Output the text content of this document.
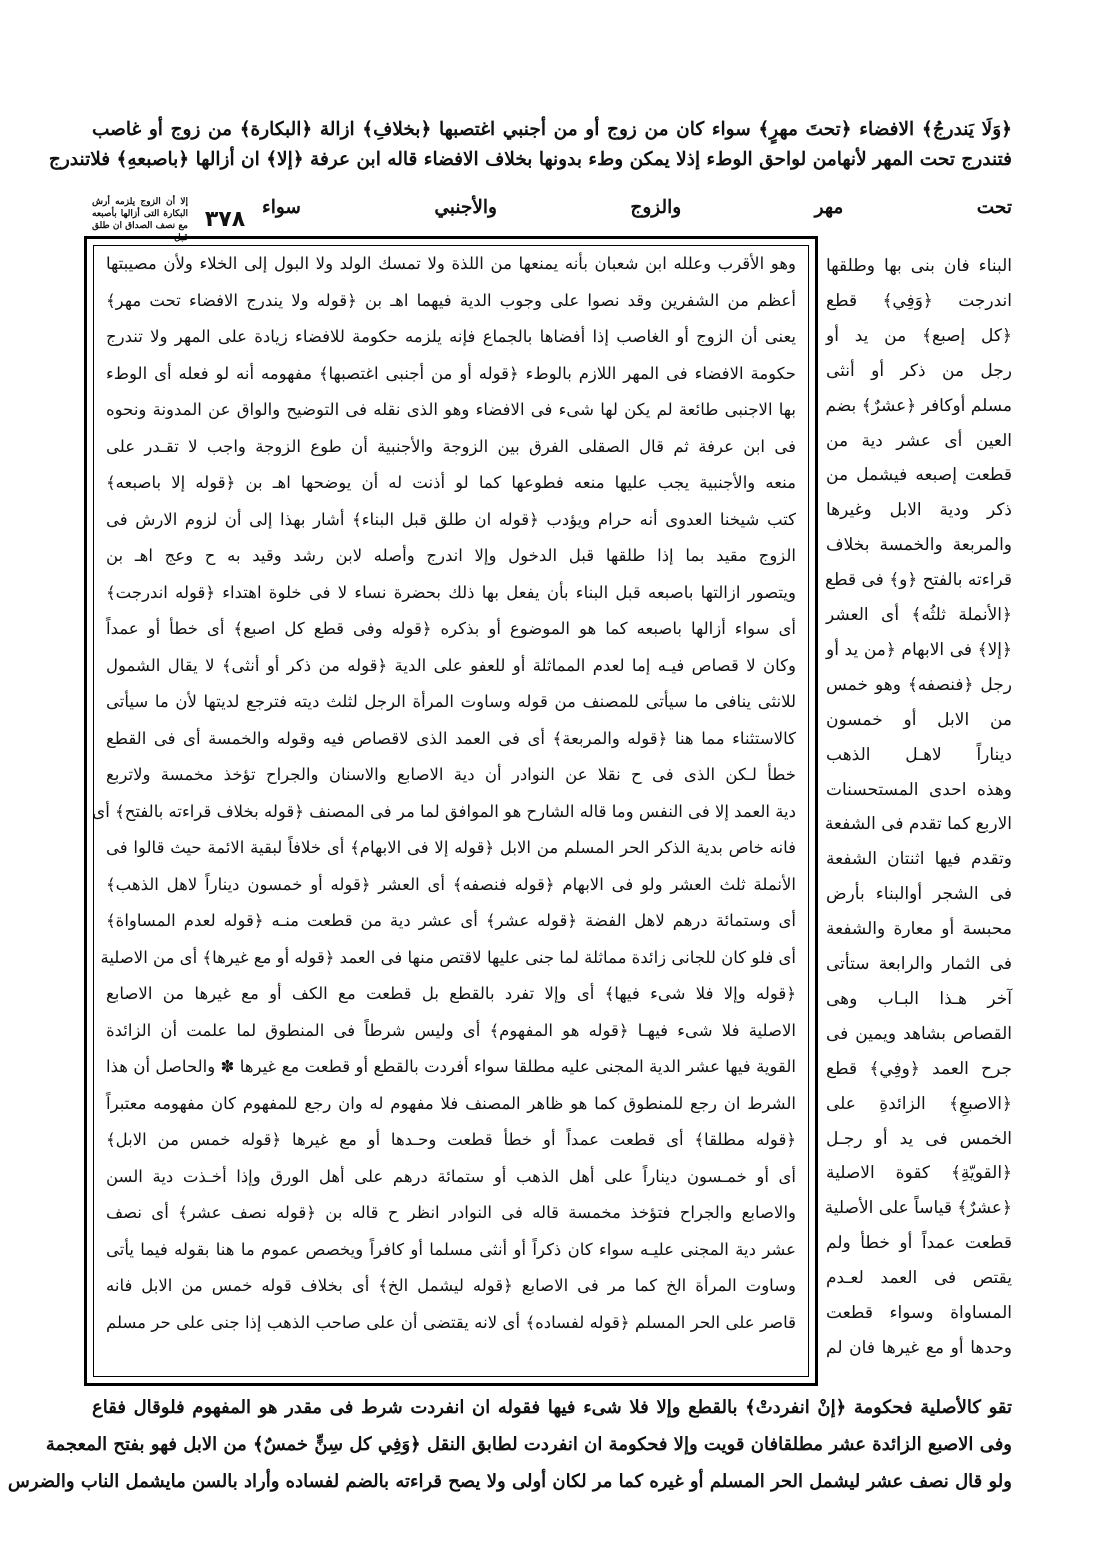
﴿وَلَا يَندرجُ﴾ الافضاء ﴿تحتَ مهرٍ﴾ سواء كان من زوج أو من أجنبي اغتصبها ﴿بخلافِ﴾ ازالة ﴿البكارة﴾ من زوج أو غاصب
فتندرج تحت المهر لأنهامن لواحق الوطء إذلا يمكن وطء بدونها بخلاف الافضاء قاله ابن عرفة ﴿إلا﴾ ان أزالها ﴿باصبعهِ﴾ فلاتندرج
إلا أن الزوج يلزمه أرش البكارة التى أزالها بأصبعه مع نصف الصداق ان طلق قبل
تحت مهر والزوج والأجنبي سواء
٣٧٨
وهو الأقرب وعلله ابن شعبان بأنه يمنعها من اللذة ولا تمسك الولد ولا البول إلى الخلاء ولأن مصيبتها
أعظم من الشفرين وقد نصوا على وجوب الدية فيهما اهـ بن ﴿قوله ولا يندرج الافضاء تحت مهر﴾
يعنى أن الزوج أو الغاصب إذا أفضاها بالجماع فإنه يلزمه حكومة للافضاء زيادة على المهر ولا تندرج
حكومة الافضاء فى المهر اللازم بالوطء ﴿قوله أو من أجنبى اغتصبها﴾ مفهومه أنه لو فعله أى الوطء
بها الاجنبى طائعة لم يكن لها شىء فى الافضاء وهو الذى نقله فى التوضيح والواق عن المدونة ونحوه
فى ابن عرفة ثم قال الصقلى الفرق بين الزوجة والأجنبية أن طوع الزوجة واجب لا تقـدر على
منعه والأجنبية يجب عليها منعه فطوعها كما لو أذنت له أن يوضحها اهـ بن ﴿قوله إلا باصبعه﴾
كتب شيخنا العدوى أنه حرام ويؤدب ﴿قوله ان طلق قبل البناء﴾ أشار بهذا إلى أن لزوم الارش فى
الزوج مقيد بما إذا طلقها قبل الدخول وإلا اندرج وأصله لابن رشد وقيد به ح وعج اهـ بن
ويتصور ازالتها باصبعه قبل البناء بأن يفعل بها ذلك بحضرة نساء لا فى خلوة اهتداء ﴿قوله اندرجت﴾
أى سواء أزالها باصبعه كما هو الموضوع أو بذكره ﴿قوله وفى قطع كل اصبع﴾ أى خطأ أو عمداً
وكان لا قصاص فيـه إما لعدم المماثلة أو للعفو على الدية ﴿قوله من ذكر أو أنثى﴾ لا يقال الشمول
للانثى ينافى ما سيأتى للمصنف من قوله وساوت المرأة الرجل لثلث ديته فترجع لديتها لأن ما سيأتى
كالاستثناء مما هنا ﴿قوله والمربعة﴾ أى فى العمد الذى لاقصاص فيه وقوله والخمسة أى فى القطع
خطأ لـكن الذى فى ح نقلا عن النوادر أن دية الاصابع والاسنان والجراح تؤخذ مخمسة ولاتربع
دية العمد إلا فى النفس وما قاله الشارح هو الموافق لما مر فى المصنف ﴿قوله بخلاف قراءته بالفتح﴾ أى
فانه خاص بدية الذكر الحر المسلم من الابل ﴿قوله إلا فى الابهام﴾ أى خلافاً لبقية الائمة حيث قالوا فى
الأنملة ثلث العشر ولو فى الابهام ﴿قوله فنصفه﴾ أى العشر ﴿قوله أو خمسون ديناراً لاهل الذهب﴾
أى وستمائة درهم لاهل الفضة ﴿قوله عشر﴾ أى عشر دية من قطعت منـه ﴿قوله لعدم المساواة﴾
أى فلو كان للجانى زائدة مماثلة لما جنى عليها لاقتص منها فى العمد ﴿قوله أو مع غيرها﴾ أى من الاصلية
﴿قوله وإلا فلا شىء فيها﴾ أى وإلا تفرد بالقطع بل قطعت مع الكف أو مع غيرها من الاصابع
الاصلية فلا شىء فيهـا ﴿قوله هو المفهوم﴾ أى وليس شرطاً فى المنطوق لما علمت أن الزائدة
القوية فيها عشر الدية المجنى عليه مطلقا سواء أفردت بالقطع أو قطعت مع غيرها ✽ والحاصل أن هذا
الشرط ان رجع للمنطوق كما هو ظاهر المصنف فلا مفهوم له وان رجع للمفهوم كان مفهومه معتبراً
﴿قوله مطلقا﴾ أى قطعت عمداً أو خطأ قطعت وحـدها أو مع غيرها ﴿قوله خمس من الابل﴾
أى أو خمـسون ديناراً على أهل الذهب أو ستمائة درهم على أهل الورق وإذا أخـذت دية السن
والاصابع والجراح فتؤخذ مخمسة قاله فى النوادر انظر ح قاله بن ﴿قوله نصف عشر﴾ أى نصف
عشر دية المجنى عليـه سواء كان ذكراً أو أنثى مسلما أو كافراً ويخصص عموم ما هنا بقوله فيما يأتى
وساوت المرأة الخ كما مر فى الاصابع ﴿قوله ليشمل الخ﴾ أى بخلاف قوله خمس من الابل فانه
قاصر على الحر المسلم ﴿قوله لفساده﴾ أى لانه يقتضى أن على صاحب الذهب إذا جنى على حر مسلم
البناء فان بنى بها وطلقها
اندرجت ﴿وَفِي﴾ قطع
﴿كل إصبع﴾ من يد أو
رجل من ذكر أو أنثى
مسلم أوكافر ﴿عشرٌ﴾ بضم
العين أى عشر دية من
قطعت إصبعه فيشمل من
ذكر ودية الابل وغيرها
والمربعة والخمسة بخلاف
قراءته بالفتح ﴿و﴾ فى قطع
﴿الأنملة ثلثُه﴾ أى العشر
﴿إلا﴾ فى الابهام ﴿من يد أو
رجل ﴿فنصفه﴾ وهو خمس
من الابل أو خمسون
ديناراً لاهـل الذهب
وهذه احدى المستحسنات
الاربع كما تقدم فى الشفعة
وتقدم فيها اثنتان الشفعة
فى الشجر أوالبناء بأرض
محبسة أو معارة والشفعة
فى الثمار والرابعة ستأتى
آخر هـذا البـاب وهى
القصاص بشاهد ويمين فى
جرح العمد ﴿وفِي﴾ قطع
﴿الاصبعِ﴾ الزائدةِ على
الخمس فى يد أو رجـل
﴿القويّةِ﴾ كقوة الاصلية
﴿عشرٌ﴾ قياساً على الأصلية
قطعت عمداً أو خطأ ولم
يقتص فى العمد لعـدم
المساواة وسواء قطعت
وحدها أو مع غيرها فان لم
تقو كالأصلية فحكومة ﴿إنْ انفردتْ﴾ بالقطع وإلا فلا شىء فيها فقوله ان انفردت شرط فى مقدر هو المفهوم فلوقال فقاع
وفى الاصبع الزائدة عشر مطلقافان قويت وإلا فحكومة ان انفردت لطابق النقل ﴿وَفِي كل سِنٍّ خمسٌ﴾ من الابل فهو بفتح المعجمة
ولو قال نصف عشر ليشمل الحر المسلم أو غيره كما مر لكان أولى ولا يصح قراءته بالضم لفساده وأراد بالسن مايشمل الناب والضرس
